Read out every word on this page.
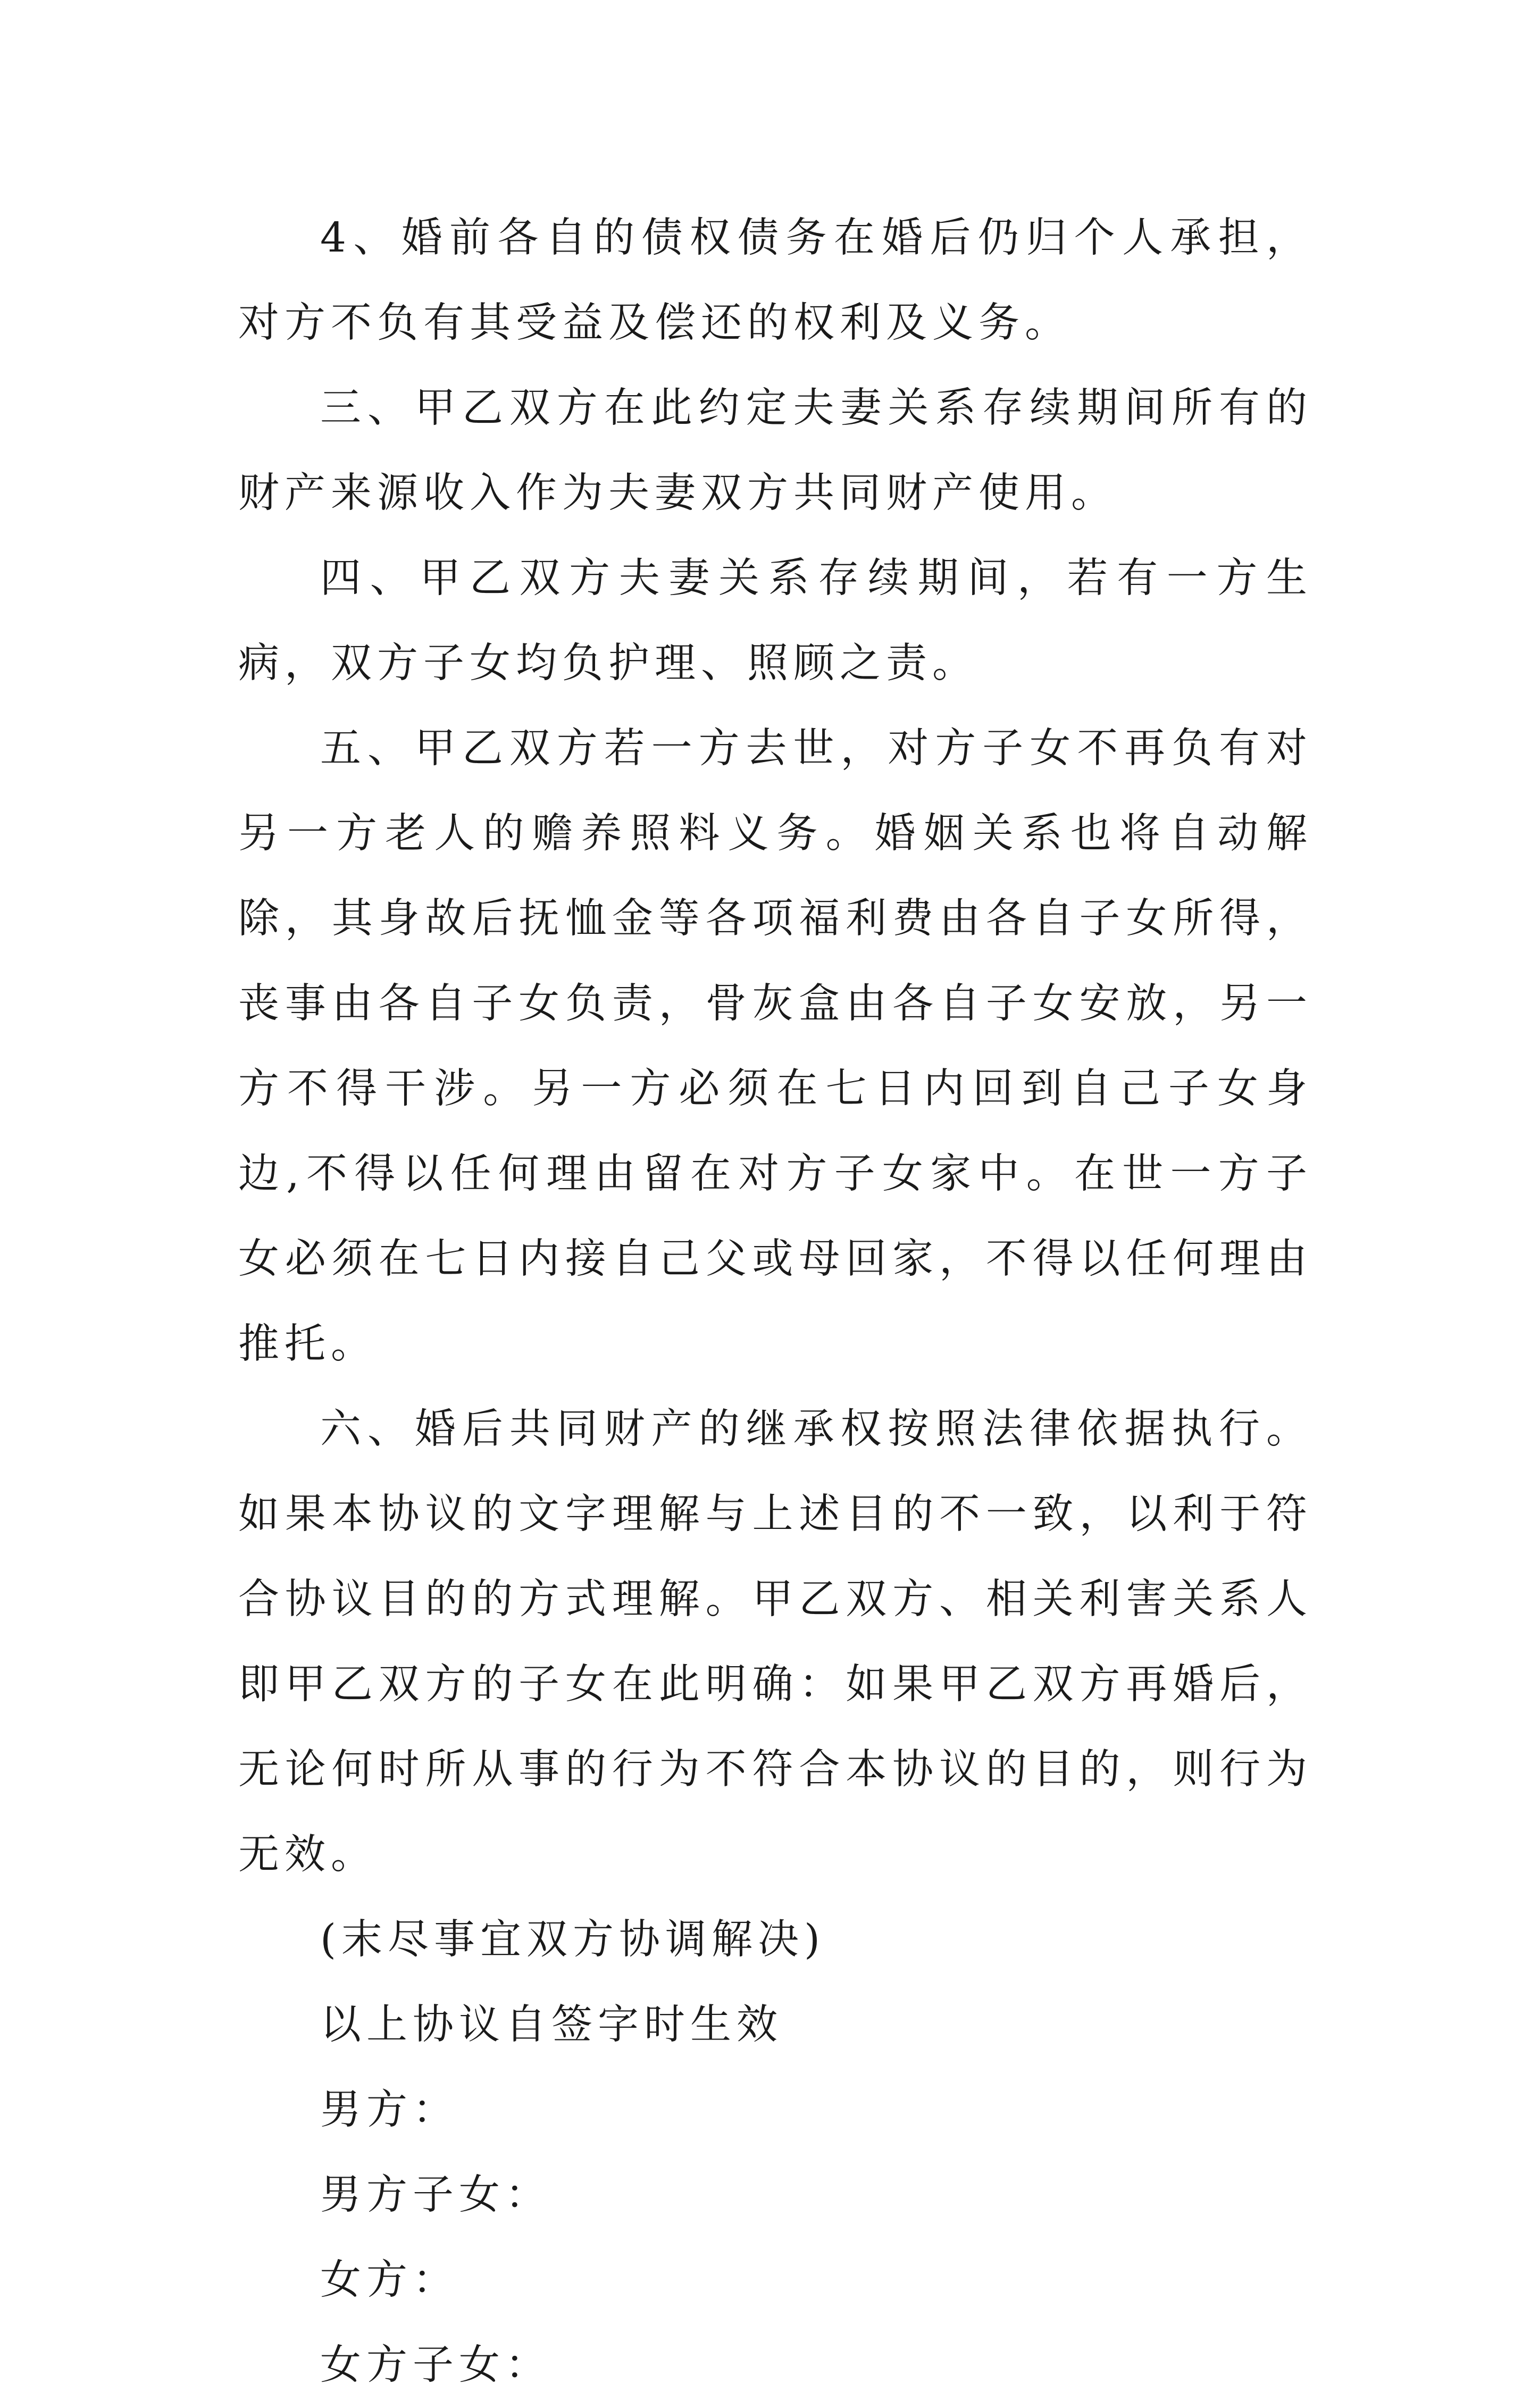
4、婚前各自的债权债务在婚后仍归个人承担，对方不负有其受益及偿还的权利及义务。

三、甲乙双方在此约定夫妻关系存续期间所有的财产来源收入作为夫妻双方共同财产使用。

四、甲乙双方夫妻关系存续期间，若有一方生病，双方子女均负护理、照顾之责。

五、甲乙双方若一方去世，对方子女不再负有对另一方老人的赡养照料义务。婚姻关系也将自动解除，其身故后抚恤金等各项福利费由各自子女所得，丧事由各自子女负责，骨灰盒由各自子女安放，另一方不得干涉。另一方必须在七日内回到自己子女身边,不得以任何理由留在对方子女家中。在世一方子女必须在七日内接自己父或母回家，不得以任何理由推托。

六、婚后共同财产的继承权按照法律依据执行。如果本协议的文字理解与上述目的不一致，以利于符合协议目的的方式理解。甲乙双方、相关利害关系人即甲乙双方的子女在此明确：如果甲乙双方再婚后，无论何时所从事的行为不符合本协议的目的，则行为无效。

(末尽事宜双方协调解决)

以上协议自签字时生效

男方：

男方子女：

女方：

女方子女：
